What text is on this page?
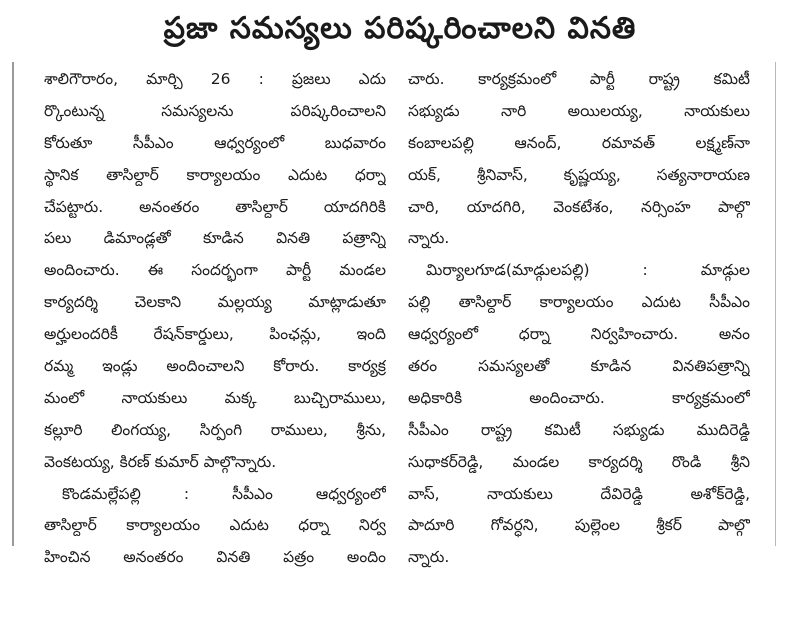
ప్రజా సమస్యలు పరిష్కరించాలని వినతి
శాలిగౌరారం, మార్చి 26 : ప్రజలు ఎదు
ర్కొంటున్న సమస్యలను పరిష్కరించాలని
కోరుతూ సీపీఎం ఆధ్వర్యంలో బుధవారం
స్థానిక తాసిల్దార్ కార్యాలయం ఎదుట ధర్నా
చేపట్టారు. అనంతరం తాసిల్దార్ యాదగిరికి
పలు డిమాండ్లతో కూడిన వినతి పత్రాన్ని
అందించారు. ఈ సందర్భంగా పార్టీ మండల
కార్యదర్శి చెలకాని మల్లయ్య మాట్లాడుతూ
అర్హులందరికీ రేషన్‌కార్డులు, పింఛన్లు, ఇంది
రమ్మ ఇండ్లు అందించాలని కోరారు. కార్యక్ర
మంలో నాయకులు మక్క బుచ్చిరాములు,
కల్లూరి లింగయ్య, సిర్పంగి రాములు, శ్రీను,
వెంకటయ్య, కిరణ్ కుమార్ పాల్గొన్నారు.
కొండమల్లేపల్లి : సీపీఎం ఆధ్వర్యంలో
తాసిల్దార్ కార్యాలయం ఎదుట ధర్నా నిర్వ
హించిన అనంతరం వినతి పత్రం అందిం
చారు. కార్యక్రమంలో పార్టీ రాష్ట్ర కమిటీ
సభ్యుడు నారి అయిలయ్య, నాయకులు
కంబాలపల్లి ఆనంద్, రమావత్ లక్ష్మణ్‌నా
యక్, శ్రీనివాస్, కృష్ణయ్య, సత్యనారాయణ
చారి, యాదగిరి, వెంకటేశం, నర్సింహ పాల్గొ
న్నారు.
మిర్యాలగూడ(మాడ్గులపల్లి) : మాడ్గుల
పల్లి తాసిల్దార్ కార్యాలయం ఎదుట సీపీఎం
ఆధ్వర్యంలో ధర్నా నిర్వహించారు. అనం
తరం సమస్యలతో కూడిన వినతిపత్రాన్ని
అధికారికి అందించారు. కార్యక్రమంలో
సీపీఎం రాష్ట్ర కమిటీ సభ్యుడు ముదిరెడ్డి
సుధాకర్‌రెడ్డి, మండల కార్యదర్శి రొండి శ్రీని
వాస్, నాయకులు దేవిరెడ్డి అశోక్‌రెడ్డి,
పాదూరి గోవర్ధని, పుల్లెంల శ్రీకర్ పాల్గొ
న్నారు.
